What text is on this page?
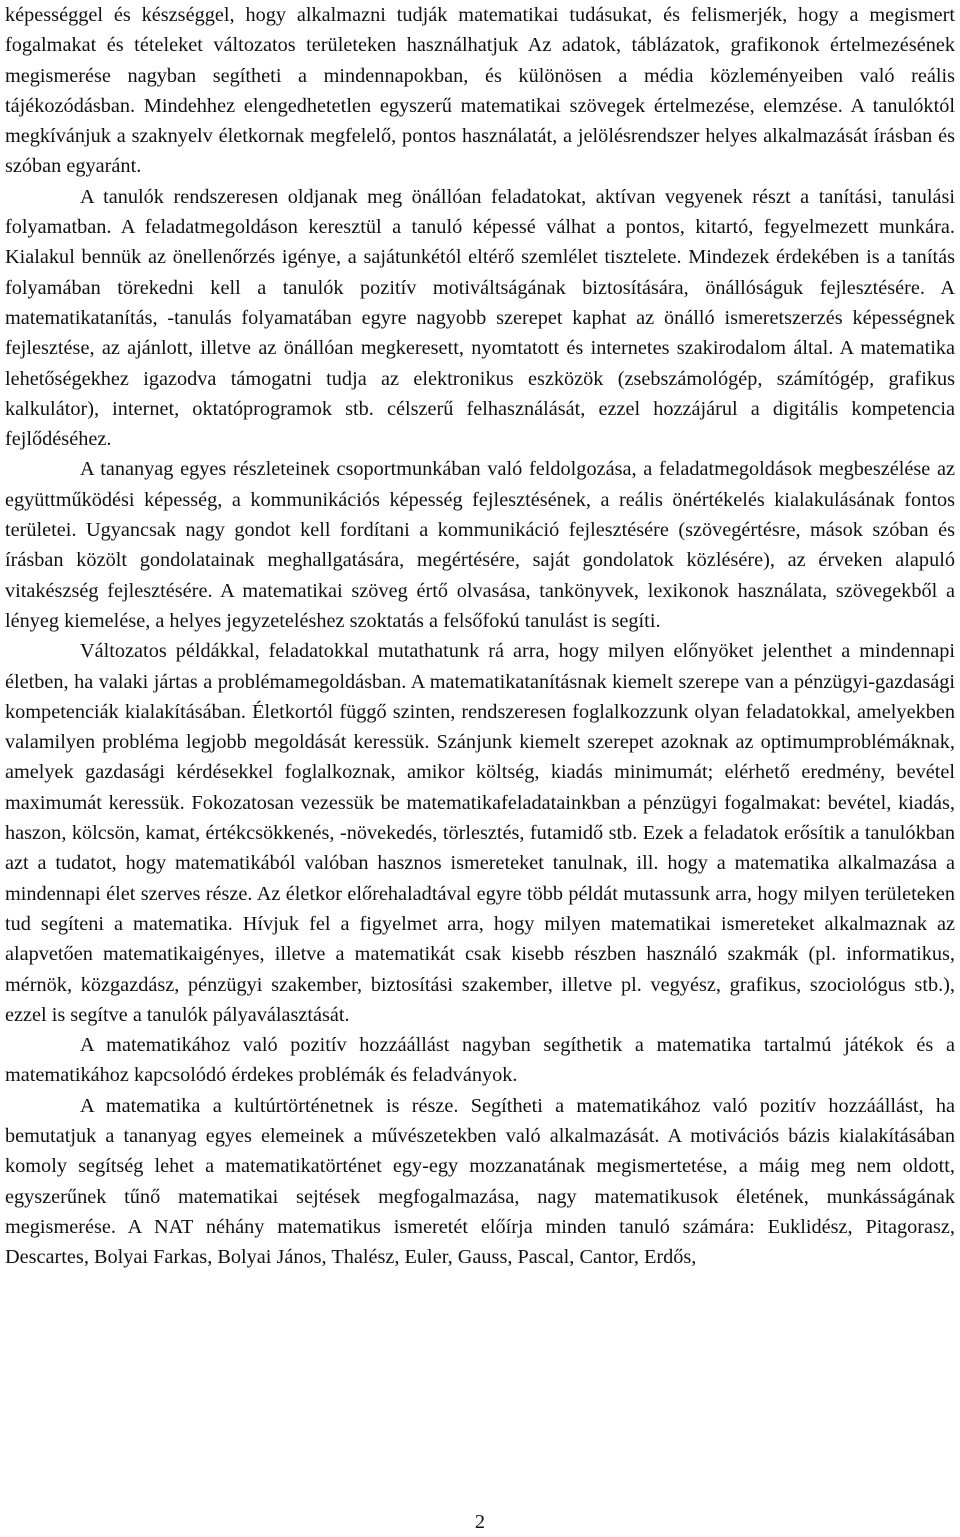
képességgel és készséggel, hogy alkalmazni tudják matematikai tudásukat, és felismerjék, hogy a megismert fogalmakat és tételeket változatos területeken használhatjuk Az adatok, táblázatok, grafikonok értelmezésének megismerése nagyban segítheti a mindennapokban, és különösen a média közleményeiben való reális tájékozódásban. Mindehhez elengedhetetlen egyszerű matematikai szövegek értelmezése, elemzése. A tanulóktól megkívánjuk a szaknyelv életkornak megfelelő, pontos használatát, a jelölésrendszer helyes alkalmazását írásban és szóban egyaránt.

A tanulók rendszeresen oldjanak meg önállóan feladatokat, aktívan vegyenek részt a tanítási, tanulási folyamatban. A feladatmegoldáson keresztül a tanuló képessé válhat a pontos, kitartó, fegyelmezett munkára. Kialakul bennük az önellenőrzés igénye, a sajátunkétól eltérő szemlélet tisztelete. Mindezek érdekében is a tanítás folyamában törekedni kell a tanulók pozitív motiváltságának biztosítására, önállóságuk fejlesztésére. A matematikatanítás, -tanulás folyamatában egyre nagyobb szerepet kaphat az önálló ismeretszerzés képességnek fejlesztése, az ajánlott, illetve az önállóan megkeresett, nyomtatott és internetes szakirodalom által. A matematika lehetőségekhez igazodva támogatni tudja az elektronikus eszközök (zsebszámológép, számítógép, grafikus kalkulátor), internet, oktatóprogramok stb. célszerű felhasználását, ezzel hozzájárul a digitális kompetencia fejlődéséhez.

A tananyag egyes részleteinek csoportmunkában való feldolgozása, a feladatmegoldások megbeszélése az együttműködési képesség, a kommunikációs képesség fejlesztésének, a reális önértékelés kialakulásának fontos területei. Ugyancsak nagy gondot kell fordítani a kommunikáció fejlesztésére (szövegértésre, mások szóban és írásban közölt gondolatainak meghallgatására, megértésére, saját gondolatok közlésére), az érveken alapuló vitakészség fejlesztésére. A matematikai szöveg értő olvasása, tankönyvek, lexikonok használata, szövegekből a lényeg kiemelése, a helyes jegyzeteléshez szoktatás a felsőfokú tanulást is segíti.

Változatos példákkal, feladatokkal mutathatunk rá arra, hogy milyen előnyöket jelenthet a mindennapi életben, ha valaki jártas a problémamegoldásban. A matematikatanításnak kiemelt szerepe van a pénzügyi-gazdasági kompetenciák kialakításában. Életkortól függő szinten, rendszeresen foglalkozzunk olyan feladatokkal, amelyekben valamilyen probléma legjobb megoldását keressük. Szánjunk kiemelt szerepet azoknak az optimumproblémáknak, amelyek gazdasági kérdésekkel foglalkoznak, amikor költség, kiadás minimumát; elérhető eredmény, bevétel maximumát keressük. Fokozatosan vezessük be matematikafeladatainkban a pénzügyi fogalmakat: bevétel, kiadás, haszon, kölcsön, kamat, értékcsökkenés, -növekedés, törlesztés, futamidő stb. Ezek a feladatok erősítik a tanulókban azt a tudatot, hogy matematikából valóban hasznos ismereteket tanulnak, ill. hogy a matematika alkalmazása a mindennapi élet szerves része. Az életkor előrehaladtával egyre több példát mutassunk arra, hogy milyen területeken tud segíteni a matematika. Hívjuk fel a figyelmet arra, hogy milyen matematikai ismereteket alkalmaznak az alapvetően matematikaigényes, illetve a matematikát csak kisebb részben használó szakmák (pl. informatikus, mérnök, közgazdász, pénzügyi szakember, biztosítási szakember, illetve pl. vegyész, grafikus, szociológus stb.), ezzel is segítve a tanulók pályaválasztását.

A matematikához való pozitív hozzáállást nagyban segíthetik a matematika tartalmú játékok és a matematikához kapcsolódó érdekes problémák és feladványok.

A matematika a kultúrtörténetnek is része. Segítheti a matematikához való pozitív hozzáállást, ha bemutatjuk a tananyag egyes elemeinek a művészetekben való alkalmazását. A motivációs bázis kialakításában komoly segítség lehet a matematikatörténet egy-egy mozzanatának megismertetése, a máig meg nem oldott, egyszerűnek tűnő matematikai sejtések megfogalmazása, nagy matematikusok életének, munkásságának megismerése. A NAT néhány matematikus ismeretét előírja minden tanuló számára: Euklidész, Pitagorasz, Descartes, Bolyai Farkas, Bolyai János, Thalész, Euler, Gauss, Pascal, Cantor, Erdős,

2
